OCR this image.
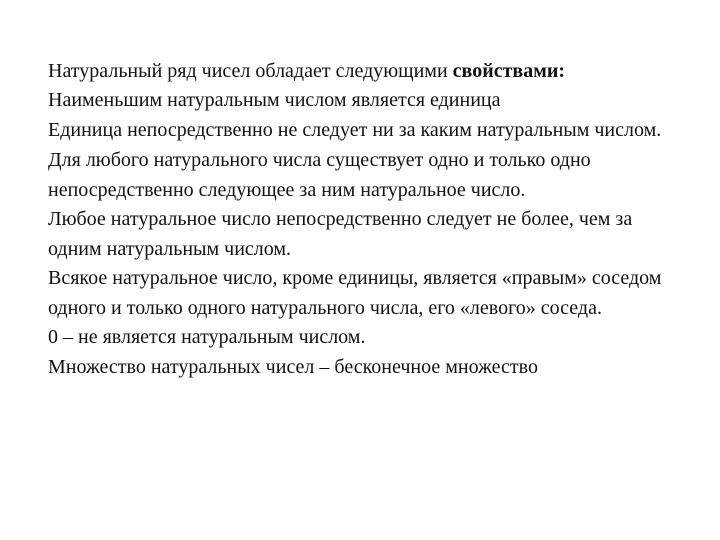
Натуральный ряд чисел обладает следующими свойствами:

Наименьшим натуральным числом является единица

Единица непосредственно не следует ни за каким натуральным числом.

Для любого натурального числа существует одно и только одно непосредственно следующее за ним натуральное число.

Любое натуральное число непосредственно следует не более, чем за одним натуральным числом.

Всякое натуральное число, кроме единицы, является «правым» соседом одного и только одного натурального числа, его «левого» соседа.

0 – не является натуральным числом.

Множество натуральных чисел – бесконечное множество
